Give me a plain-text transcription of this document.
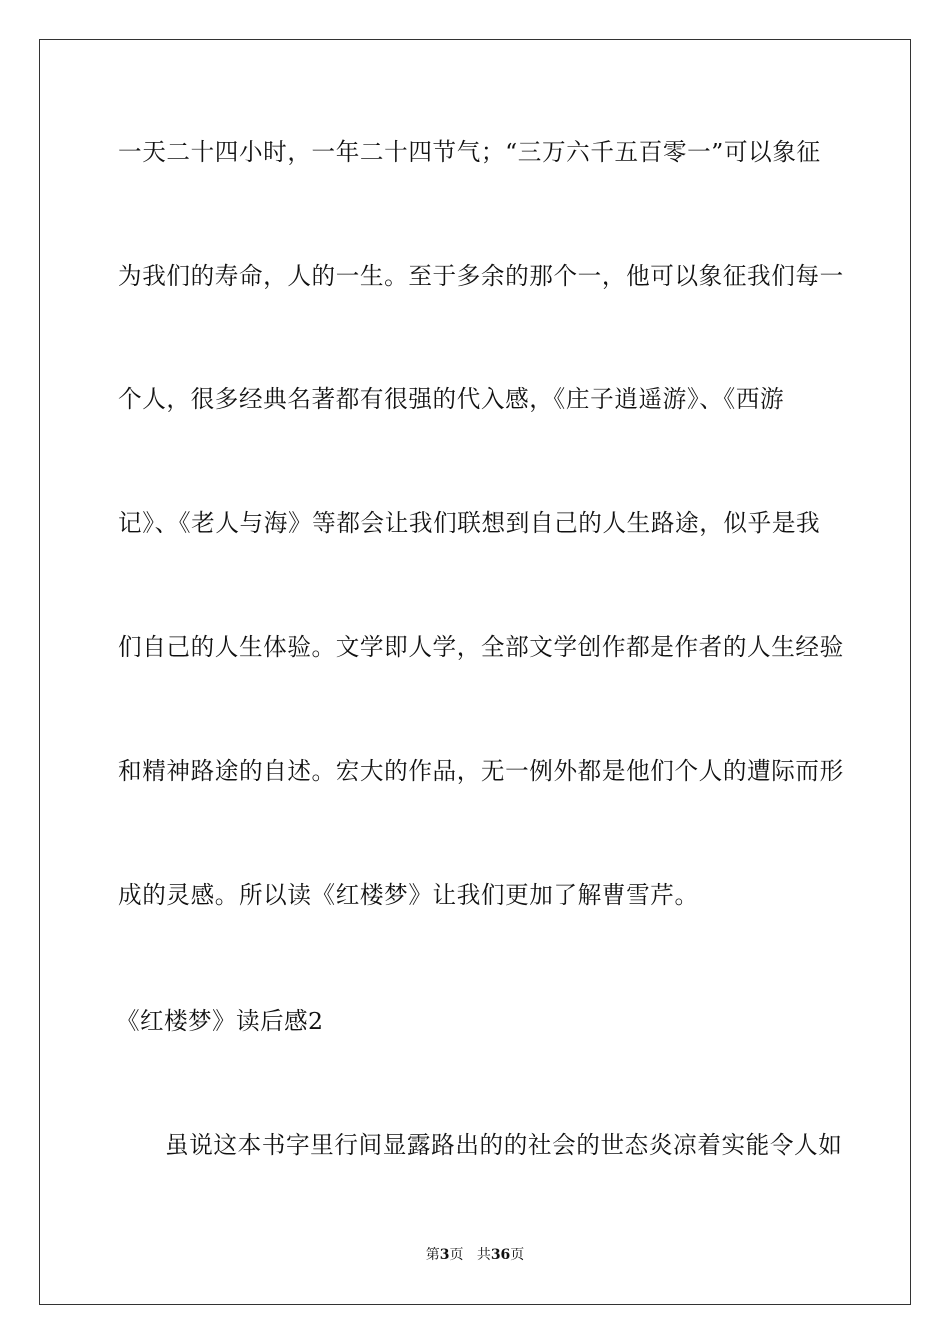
一天二十四小时，一年二十四节气；“三万六千五百零一”可以象征
为我们的寿命，人的一生。至于多余的那个一，他可以象征我们每一
个人，很多经典名著都有很强的代入感，《庄子逍遥游》、《西游
记》、《老人与海》等都会让我们联想到自己的人生路途，似乎是我
们自己的人生体验。文学即人学，全部文学创作都是作者的人生经验
和精神路途的自述。宏大的作品，无一例外都是他们个人的遭际而形
成的灵感。所以读《红楼梦》让我们更加了解曹雪芹。
《红楼梦》读后感2
虽说这本书字里行间显露路出的的社会的世态炎凉着实能令人如
第3页 共36页
